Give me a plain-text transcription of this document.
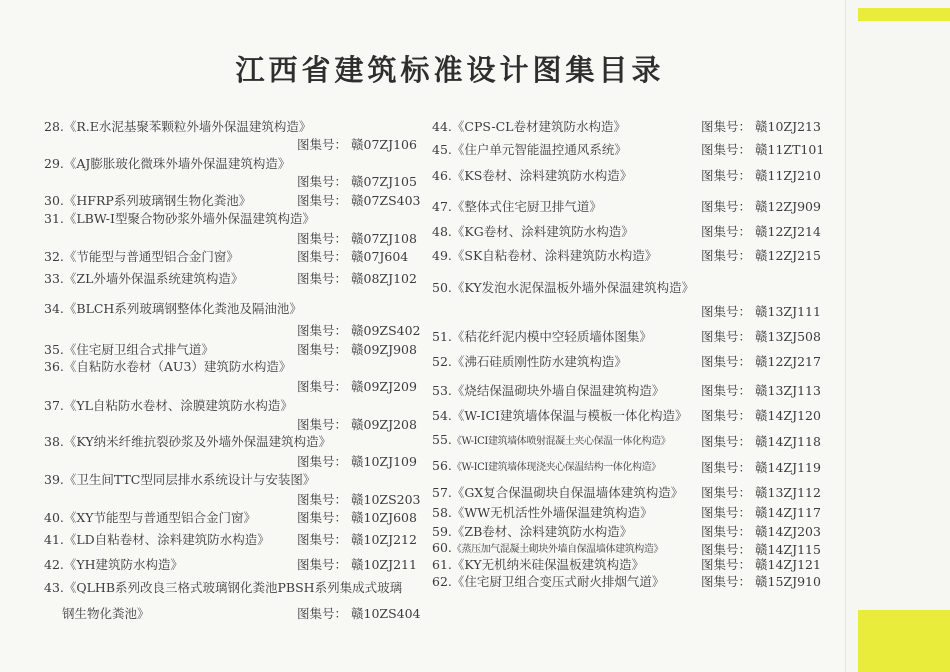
江西省建筑标准设计图集目录
28.《R.E水泥基聚苯颗粒外墙外保温建筑构造》
图集号： 赣07ZJ106
29.《AJ膨胀玻化微珠外墙外保温建筑构造》
图集号： 赣07ZJ105
30.《HFRP系列玻璃钢生物化粪池》	图集号： 赣07ZS403
31.《LBW-I型聚合物砂浆外墙外保温建筑构造》
图集号： 赣07ZJ108
32.《节能型与普通型铝合金门窗》	图集号： 赣07J604
33.《ZL外墙外保温系统建筑构造》	图集号： 赣08ZJ102
34.《BLCH系列玻璃钢整体化粪池及隔油池》
图集号： 赣09ZS402
35.《住宅厨卫组合式排气道》	图集号： 赣09ZJ908
36.《自粘防水卷材（AU3）建筑防水构造》
图集号： 赣09ZJ209
37.《YL自粘防水卷材、涂膜建筑防水构造》
图集号： 赣09ZJ208
38.《KY纳米纤维抗裂砂浆及外墙外保温建筑构造》
图集号： 赣10ZJ109
39.《卫生间TTC型同层排水系统设计与安装图》
图集号： 赣10ZS203
40.《XY节能型与普通型铝合金门窗》	图集号： 赣10ZJ608
41.《LD自粘卷材、涂料建筑防水构造》 图集号： 赣10ZJ212
42.《YH建筑防水构造》	图集号： 赣10ZJ211
43.《QLHB系列改良三格式玻璃钢化粪池PBSH系列集成式玻璃
钢生物化粪池》	图集号： 赣10ZS404
44.《CPS-CL卷材建筑防水构造》	图集号： 赣10ZJ213
45.《住户单元智能温控通风系统》	图集号： 赣11ZT101
46.《KS卷材、涂料建筑防水构造》	图集号： 赣11ZJ210
47.《整体式住宅厨卫排气道》	图集号： 赣12ZJ909
48.《KG卷材、涂料建筑防水构造》	图集号： 赣12ZJ214
49.《SK自粘卷材、涂料建筑防水构造》	图集号： 赣12ZJ215
50.《KY发泡水泥保温板外墙外保温建筑构造》
图集号： 赣13ZJ111
51.《秸花纤泥内模中空轻质墙体图集》	图集号： 赣13ZJ508
52.《沸石硅质刚性防水建筑构造》	图集号： 赣12ZJ217
53.《烧结保温砌块外墙自保温建筑构造》	图集号： 赣13ZJ113
54.《W-ICI建筑墙体保温与模板一体化构造》 图集号： 赣14ZJ120
55.《W-ICI建筑墙体喷射混凝土夹心保温一体化构造》 图集号： 赣14ZJ118
56.《W-ICI建筑墙体现浇夹心保温结构一体化构造》	图集号： 赣14ZJ119
57.《GX复合保温砌块自保温墙体建筑构造》 图集号： 赣13ZJ112
58.《WW无机活性外墙保温建筑构造》	图集号： 赣14ZJ117
59.《ZB卷材、涂料建筑防水构造》	图集号： 赣14ZJ203
60.《蒸压加气混凝土砌块外墙自保温墙体建筑构造》	图集号： 赣14ZJ115
61.《KY无机纳米硅保温板建筑构造》	图集号： 赣14ZJ121
62.《住宅厨卫组合变压式耐火排烟气道》	图集号： 赣15ZJ910
